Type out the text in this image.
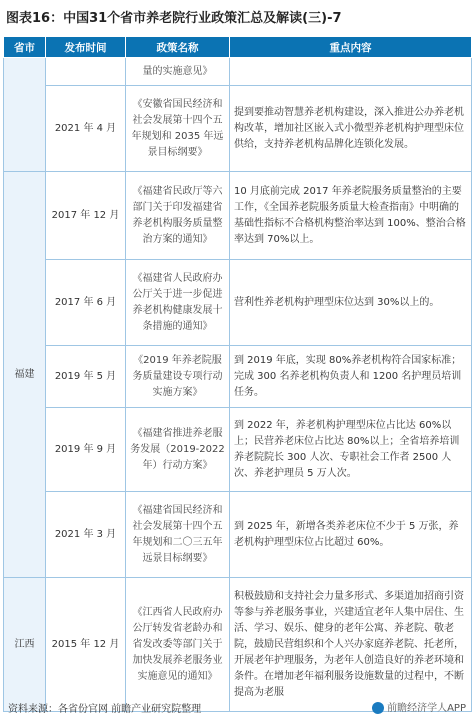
图表16：中国31个省市养老院行业政策汇总及解读(三)-7
省市	发布时间	政策名称	重点内容
		量的实施意见》	
	2021 年 4 月	《安徽省国民经济和社会发展第十四个五年规划和 2035 年远景目标纲要》	提到要推动智慧养老机构建设，深入推进公办养老机构改革，增加社区嵌入式小微型养老机构护理型床位供给，支持养老机构品牌化连锁化发展。
福建	2017 年 12 月	《福建省民政厅等六部门关于印发福建省养老机构服务质量整治方案的通知》	10 月底前完成 2017 年养老院服务质量整治的主要工作，《全国养老院服务质量大检查指南》中明确的基础性指标不合格机构整治率达到 100%、整治合格率达到 70%以上。
	2017 年 6 月	《福建省人民政府办公厅关于进一步促进养老机构健康发展十条措施的通知》	营利性养老机构护理型床位达到 30%以上的。
	2019 年 5 月	《2019 年养老院服务质量建设专项行动实施方案》	到 2019 年底，实现 80%养老机构符合国家标准；完成 300 名养老机构负责人和 1200 名护理员培训任务。
	2019 年 9 月	《福建省推进养老服务发展（2019-2022 年）行动方案》	到 2022 年，养老机构护理型床位占比达 60%以上；民营养老床位占比达 80%以上；全省培养培训养老院院长 300 人次、专职社会工作者 2500 人次、养老护理员 5 万人次。
	2021 年 3 月	《福建省国民经济和社会发展第十四个五年规划和二〇三五年远景目标纲要》	到 2025 年，新增各类养老床位不少于 5 万张，养老机构护理型床位占比超过 60%。
江西	2015 年 12 月	《江西省人民政府办公厅转发省老龄办和省发改委等部门关于加快发展养老服务业实施意见的通知》	积极鼓励和支持社会力量多形式、多渠道加招商引资等参与养老服务事业，兴建适宜老年人集中居住、生活、学习、娱乐、健身的老年公寓、养老院、敬老院，鼓励民营组织和个人兴办家庭养老院、托老所，开展老年护理服务，为老年人创造良好的养老环境和条件。在增加老年福利服务设施数量的过程中，不断提高为老服
资料来源：各省份官网 前瞻产业研究院整理	前瞻经济学人APP
